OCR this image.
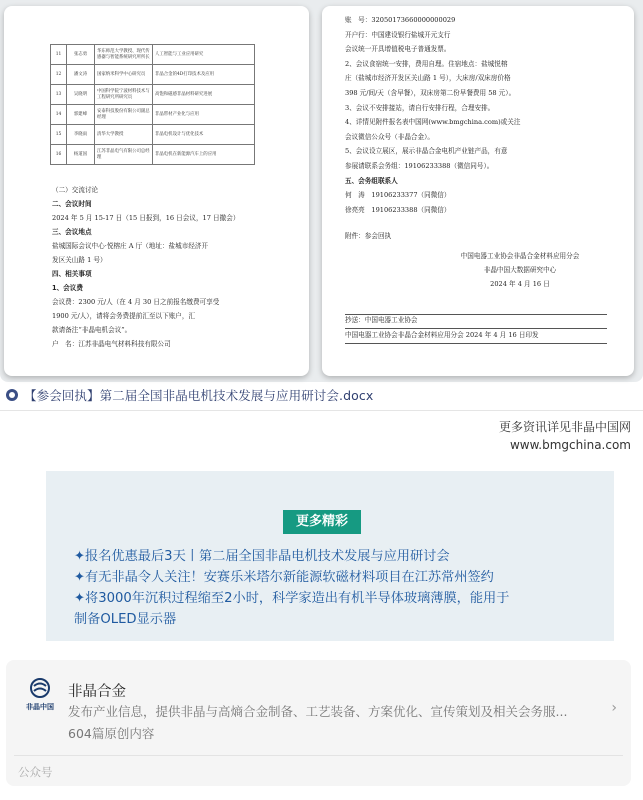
11	张志勇	华东师范大学教授、现代传感器与智能系统研究所所长	人工智能与工业应用研究
12	潘文涛	国家纳米科学中心研究员	非晶合金的4D打印技术及应用
13	吴晓明	中国科学院宁波材料技术与工程研究所研究员	高饱和磁感非晶材料研究进展
14	郭建峰	安泰科技股份有限公司副总经理	非晶带材产业化与应用
15	李晓雨	清华大学教授	非晶电机设计与优化技术
16	杨道国	江苏非晶电气有限公司总经理	非晶电机在新能源汽车上的应用
（二）交流讨论
二、会议时间
2024 年 5 月 15-17 日（15 日报到，16 日会议，17 日撤会）
三、会议地点
盐城国际会议中心·悦榕庄 A 厅（地址：盐城市经济开
发区关山路 1 号）
四、相关事项
1、会议费
会议费：2300 元/人（在 4 月 30 日之前报名缴费可享受
1900 元/人），请将会务费提前汇至以下账户，汇
款请备注“非晶电机会议”。
户　名：江苏非晶电气材料科技有限公司
账　号：32050173660000000029
开户行：中国建设银行盐城开元支行
会议统一开具增值税电子普通发票。
2、会议食宿统一安排，费用自理。住宿地点：盐城悦榕
庄（盐城市经济开发区关山路 1 号），大床房/双床房价格
398 元/间/天（含早餐），双床房第二份早餐费用 58 元）。
3、会议不安排接站，请自行安排行程，合理安排。
4、详情见附件报名表中国网(www.bmgchina.com)或关注
会议微信公众号（非晶合金）。
5、会议设立展区，展示非晶合金电机产业链产品，有意
参展请联系会务组：19106233388（微信同号）。
五、会务组联系人
何　涛　19106233377（同微信）
徐亮亮　19106233388（同微信）
附件：参会回执
中国电器工业协会非晶合金材料应用分会
非晶中国大数据研究中心
2024 年 4 月 16 日
抄送：中国电器工业协会
中国电器工业协会非晶合金材料应用分会 2024 年 4 月 16 日印发
【参会回执】第二届全国非晶电机技术发展与应用研讨会.docx
更多资讯详见非晶中国网
www.bmgchina.com
更多精彩
✦报名优惠最后3天丨第二届全国非晶电机技术发展与应用研讨会
✦有无非晶令人关注！安赛乐米塔尔新能源软磁材料项目在江苏常州签约
✦将3000年沉积过程缩至2小时，科学家造出有机半导体玻璃薄膜，能用于
制备OLED显示器
非晶中国
非晶合金
发布产业信息，提供非晶与高熵合金制备、工艺装备、方案优化、宣传策划及相关会务服...
604篇原创内容
›
公众号
